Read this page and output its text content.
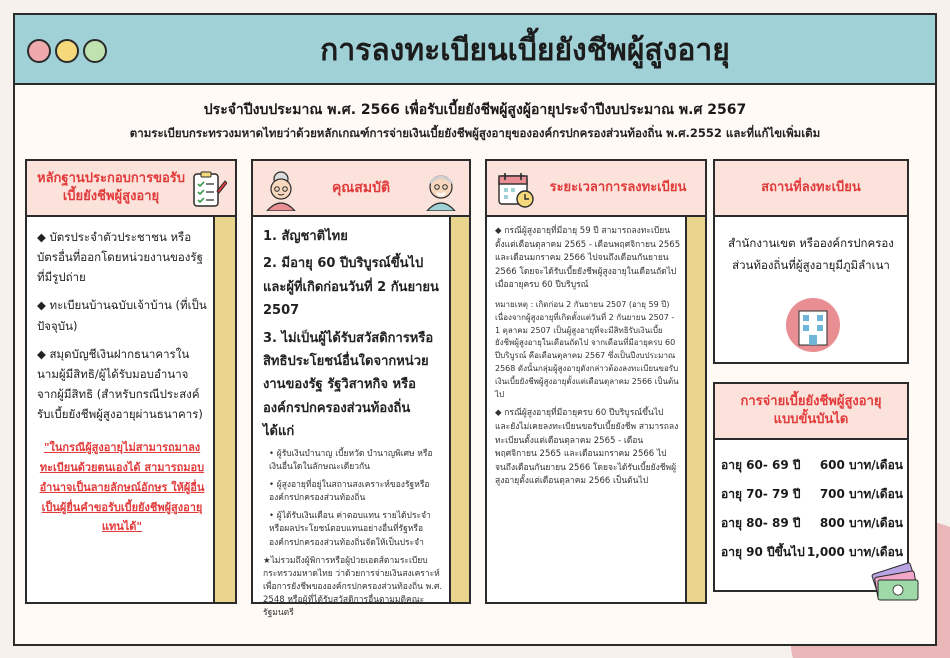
การลงทะเบียนเบี้ยยังชีพผู้สูงอายุ
ประจำปีงบประมาณ พ.ศ. 2566 เพื่อรับเบี้ยยังชีพผู้สูงผู้อายุประจำปีงบประมาณ พ.ศ 2567
ตามระเบียบกระทรวงมหาดไทยว่าด้วยหลักเกณฑ์การจ่ายเงินเบี้ยยังชีพผู้สูงอายุขององค์กรปกครองส่วนท้องถิ่น พ.ศ.2552 และที่แก้ไขเพิ่มเติม

◆ บัตรประจำตัวประชาชน หรือบัตรอื่นที่ออกโดยหน่วยงานของรัฐที่มีรูปถ่าย

◆ ทะเบียนบ้านฉบับเจ้าบ้าน (ที่เป็นปัจจุบัน)

◆ สมุดบัญชีเงินฝากธนาคารในนามผู้มีสิทธิ/ผู้ได้รับมอบอำนาจจากผู้มีสิทธิ (สำหรับกรณีประสงค์รับเบี้ยยังชีพผู้สูงอายุผ่านธนาคาร)

"ในกรณีผู้สูงอายุไม่สามารถมาลงทะเบียนด้วยตนเองได้ สามารถมอบอำนาจเป็นลายลักษณ์อักษร ให้ผู้อื่นเป็นผู้ยื่นคำขอรับเบี้ยยังชีพผู้สูงอายุแทนได้"
หลักฐานประกอบการขอรับ
เบี้ยยังชีพผู้สูงอายุ

1. สัญชาติไทย

2. มีอายุ 60 ปีบริบูรณ์ขึ้นไป และผู้ที่เกิดก่อนวันที่ 2 กันยายน 2507

3. ไม่เป็นผู้ได้รับสวัสดิการหรือสิทธิประโยชน์อื่นใดจากหน่วยงานของรัฐ รัฐวิสาหกิจ หรือองค์กรปกครองส่วนท้องถิ่น ได้แก่

• ผู้รับเงินบำนาญ เบี้ยหวัด บำนาญพิเศษ หรือเงินอื่นใดในลักษณะเดียวกัน

• ผู้สูงอายุที่อยู่ในสถานสงเคราะห์ของรัฐหรือองค์กรปกครองส่วนท้องถิ่น

• ผู้ได้รับเงินเดือน ค่าตอบแทน รายได้ประจำหรือผลประโยชน์ตอบแทนอย่างอื่นที่รัฐหรือองค์กรปกครองส่วนท้องถิ่นจัดให้เป็นประจำ

★ไม่รวมถึงผู้พิการหรือผู้ป่วยเอดส์ตามระเบียบกระทรวงมหาดไทย ว่าด้วยการจ่ายเงินสงเคราะห์เพื่อการยังชีพขององค์กรปกครองส่วนท้องถิ่น พ.ศ. 2548 หรือผู้ที่ได้รับสวัสดิการอื่นตามมติคณะรัฐมนตรี
คุณสมบัติ

◆ กรณีผู้สูงอายุที่มีอายุ 59 ปี สามารถลงทะเบียนตั้งแต่เดือนตุลาคม 2565 - เดือนพฤศจิกายน 2565 และเดือนมกราคม 2566 ไปจนถึงเดือนกันยายน 2566 โดยจะได้รับเบี้ยยังชีพผู้สูงอายุในเดือนถัดไป เมื่ออายุครบ 60 ปีบริบูรณ์

หมายเหตุ : เกิดก่อน 2 กันยายน 2507 (อายุ 59 ปี) เนื่องจากผู้สูงอายุที่เกิดตั้งแต่วันที่ 2 กันยายน 2507 - 1 ตุลาคม 2507 เป็นผู้สูงอายุที่จะมีสิทธิรับเงินเบี้ยยังชีพผู้สูงอายุในเดือนถัดไป จากเดือนที่มีอายุครบ 60 ปีบริบูรณ์ คือเดือนตุลาคม 2567 ซึ่งเป็นปีงบประมาณ 2568 ดังนั้นกลุ่มผู้สูงอายุดังกล่าวต้องลงทะเบียนขอรับเงินเบี้ยยังชีพผู้สูงอายุตั้งแต่เดือนตุลาคม 2566 เป็นต้นไป

◆ กรณีผู้สูงอายุที่มีอายุครบ 60 ปีบริบูรณ์ขึ้นไป และยังไม่เคยลงทะเบียนขอรับเบี้ยยังชีพ สามารถลงทะเบียนตั้งแต่เดือนตุลาคม 2565 - เดือนพฤศจิกายน 2565 และเดือนมกราคม 2566 ไปจนถึงเดือนกันยายน 2566 โดยจะได้รับเบี้ยยังชีพผู้สูงอายุตั้งแต่เดือนตุลาคม 2566 เป็นต้นไป

ระยะเวลาการลงทะเบียน
สำนักงานเขต หรือองค์กรปกครองส่วนท้องถิ่นที่ผู้สูงอายุมีภูมิลำเนา
สถานที่ลงทะเบียน
อายุ 60- 69 ปี 600 บาท/เดือน
อายุ 70- 79 ปี 700 บาท/เดือน
อายุ 80- 89 ปี 800 บาท/เดือน
อายุ 90 ปีขึ้นไป 1,000 บาท/เดือน
การจ่ายเบี้ยยังชีพผู้สูงอายุ
แบบขั้นบันได
